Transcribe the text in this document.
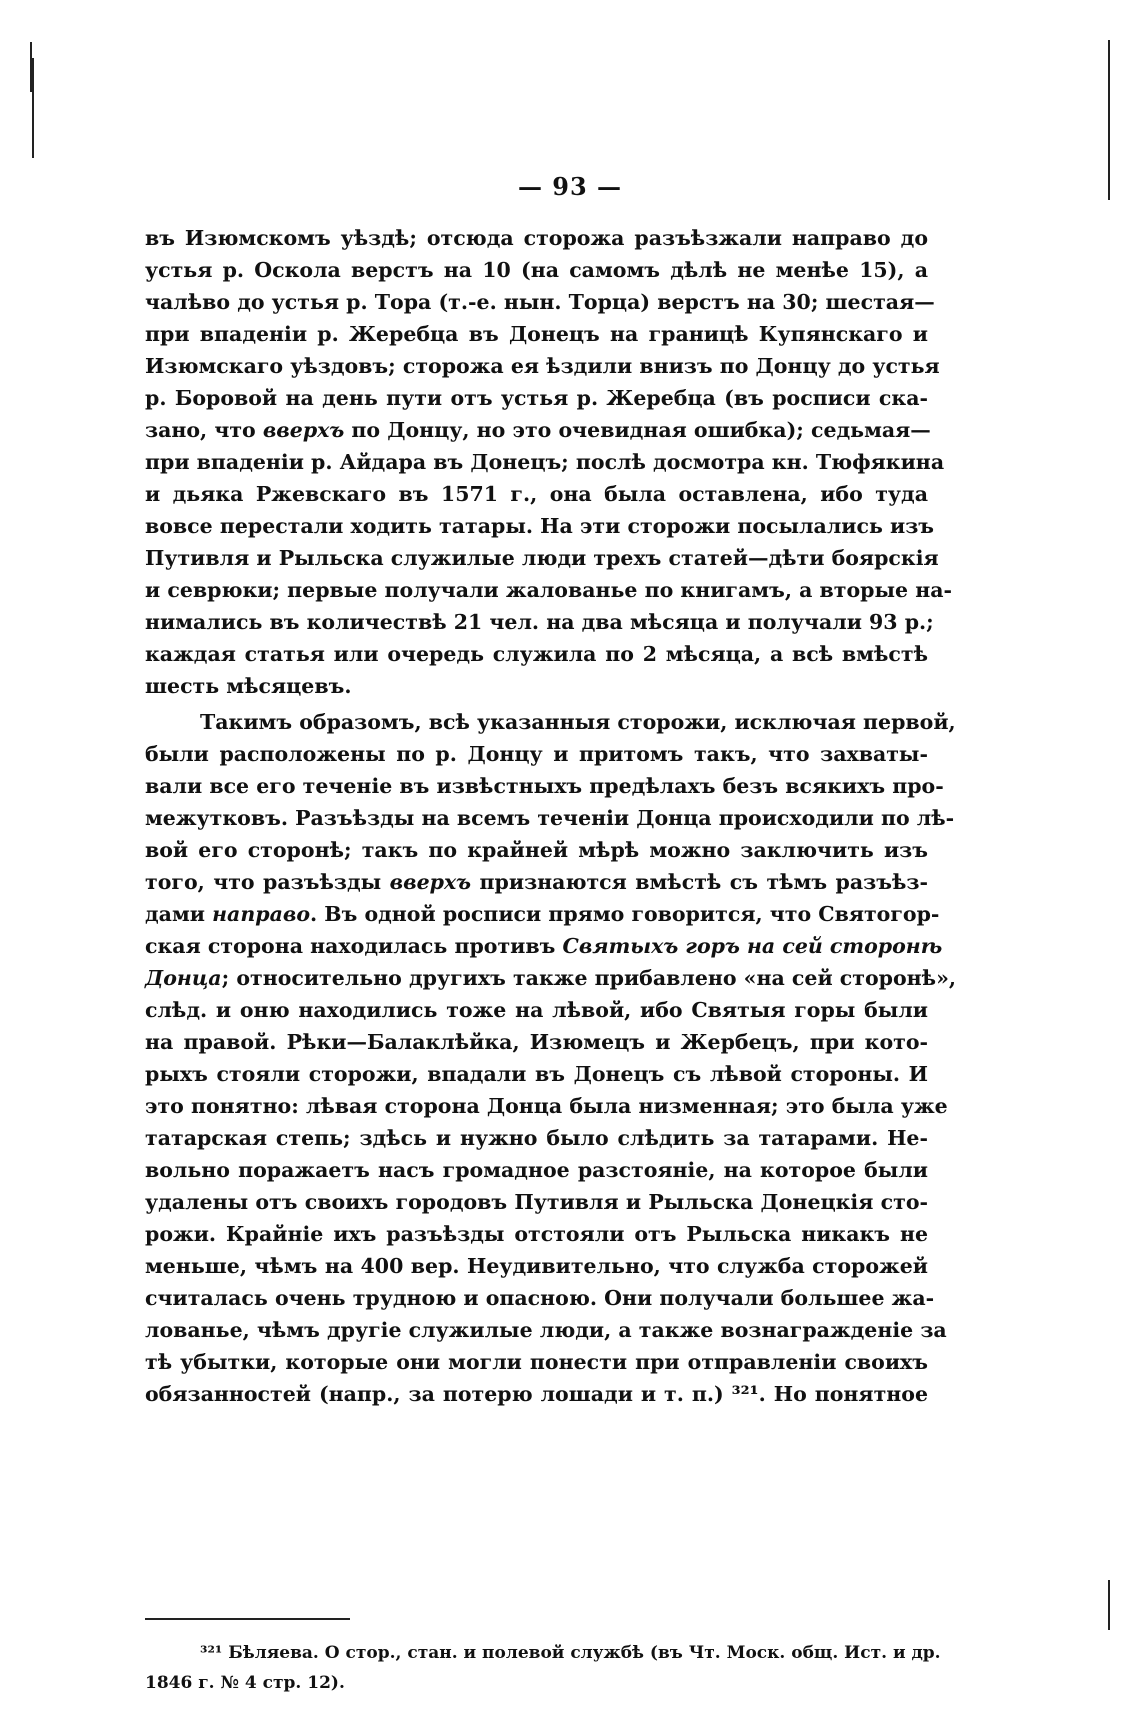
— 93 —
въ Изюмскомъ уѣздѣ; отсюда сторожа разъѣзжали направо до
устья р. Оскола верстъ на 10 (на самомъ дѣлѣ не менѣе 15), а
чалѣво до устья р. Тора (т.-е. нын. Торца) верстъ на 30; шестая—
при впаденіи р. Жеребца въ Донецъ на границѣ Купянскаго и
Изюмскаго уѣздовъ; сторожа ея ѣздили внизъ по Донцу до устья
р. Боровой на день пути отъ устья р. Жеребца (въ росписи ска-
зано, что вверхъ по Донцу, но это очевидная ошибка); седьмая—
при впаденіи р. Айдара въ Донецъ; послѣ досмотра кн. Тюфякина
и дьяка Ржевскаго въ 1571 г., она была оставлена, ибо туда
вовсе перестали ходить татары. На эти сторожи посылались изъ
Путивля и Рыльска служилые люди трехъ статей—дѣти боярскія
и севрюки; первые получали жалованье по книгамъ, а вторые на-
нимались въ количествѣ 21 чел. на два мѣсяца и получали 93 р.;
каждая статья или очередь служила по 2 мѣсяца, а всѣ вмѣстѣ
шесть мѣсяцевъ.
Такимъ образомъ, всѣ указанныя сторожи, исключая первой,
были расположены по р. Донцу и притомъ такъ, что захваты-
вали все его теченіе въ извѣстныхъ предѣлахъ безъ всякихъ про-
межутковъ. Разъѣзды на всемъ теченіи Донца происходили по лѣ-
вой его сторонѣ; такъ по крайней мѣрѣ можно заключить изъ
того, что разъѣзды вверхъ признаются вмѣстѣ съ тѣмъ разъѣз-
дами направо. Въ одной росписи прямо говорится, что Святогор-
ская сторона находилась противъ Святыхъ горъ на сей сторонѣ
Донца; относительно другихъ также прибавлено «на сей сторонѣ»,
слѣд. и оню находились тоже на лѣвой, ибо Святыя горы были
на правой. Рѣки—Балаклѣйка, Изюмецъ и Жербецъ, при кото-
рыхъ стояли сторожи, впадали въ Донецъ съ лѣвой стороны. И
это понятно: лѣвая сторона Донца была низменная; это была уже
татарская степь; здѣсь и нужно было слѣдить за татарами. Не-
вольно поражаетъ насъ громадное разстояніе, на которое были
удалены отъ своихъ городовъ Путивля и Рыльска Донецкія сто-
рожи. Крайніе ихъ разъѣзды отстояли отъ Рыльска никакъ не
меньше, чѣмъ на 400 вер. Неудивительно, что служба сторожей
считалась очень трудною и опасною. Они получали большее жа-
лованье, чѣмъ другіе служилые люди, а также вознагражденіе за
тѣ убытки, которые они могли понести при отправленіи своихъ
обязанностей (напр., за потерю лошади и т. п.) ³²¹. Но понятное
³²¹ Бѣляева. О стор., стан. и полевой службѣ (въ Чт. Моск. общ. Ист. и др.
1846 г. № 4 стр. 12).
